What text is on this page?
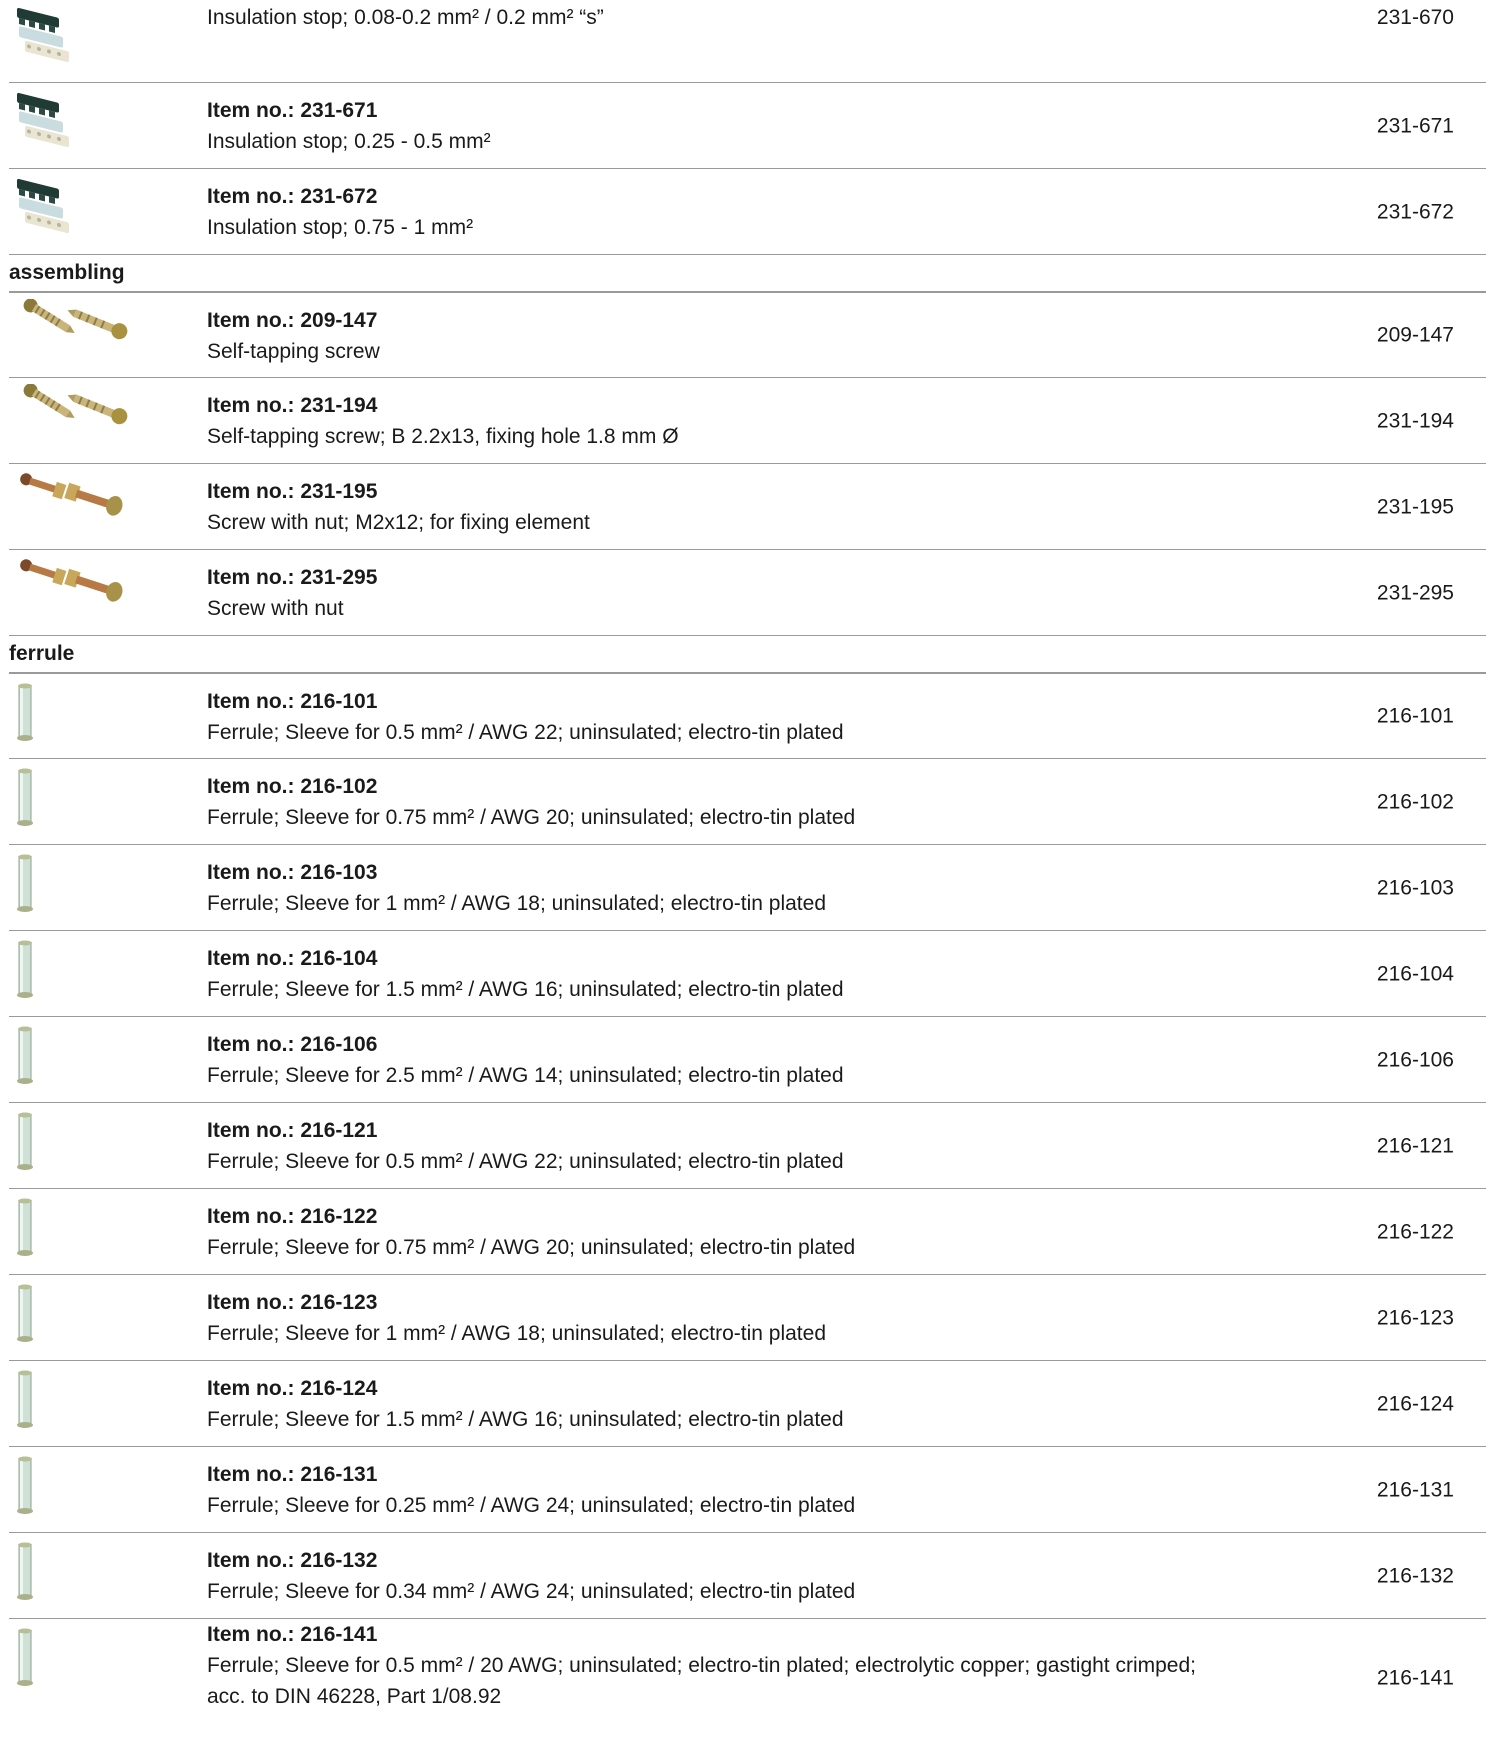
Insulation stop; 0.08-0.2 mm² / 0.2 mm² “s”	231-670
Item no.: 231-671
Insulation stop; 0.25 - 0.5 mm²
231-671
Item no.: 231-672
Insulation stop; 0.75 - 1 mm²
231-672
assembling
Item no.: 209-147
Self-tapping screw
209-147
Item no.: 231-194
Self-tapping screw; B 2.2x13, fixing hole 1.8 mm Ø
231-194
Item no.: 231-195
Screw with nut; M2x12; for fixing element
231-195
Item no.: 231-295
Screw with nut
231-295
ferrule
Item no.: 216-101
Ferrule; Sleeve for 0.5 mm² / AWG 22; uninsulated; electro-tin plated
216-101
Item no.: 216-102
Ferrule; Sleeve for 0.75 mm² / AWG 20; uninsulated; electro-tin plated
216-102
Item no.: 216-103
Ferrule; Sleeve for 1 mm² / AWG 18; uninsulated; electro-tin plated
216-103
Item no.: 216-104
Ferrule; Sleeve for 1.5 mm² / AWG 16; uninsulated; electro-tin plated
216-104
Item no.: 216-106
Ferrule; Sleeve for 2.5 mm² / AWG 14; uninsulated; electro-tin plated
216-106
Item no.: 216-121
Ferrule; Sleeve for 0.5 mm² / AWG 22; uninsulated; electro-tin plated
216-121
Item no.: 216-122
Ferrule; Sleeve for 0.75 mm² / AWG 20; uninsulated; electro-tin plated
216-122
Item no.: 216-123
Ferrule; Sleeve for 1 mm² / AWG 18; uninsulated; electro-tin plated
216-123
Item no.: 216-124
Ferrule; Sleeve for 1.5 mm² / AWG 16; uninsulated; electro-tin plated
216-124
Item no.: 216-131
Ferrule; Sleeve for 0.25 mm² / AWG 24; uninsulated; electro-tin plated
216-131
Item no.: 216-132
Ferrule; Sleeve for 0.34 mm² / AWG 24; uninsulated; electro-tin plated
216-132
Item no.: 216-141
Ferrule; Sleeve for 0.5 mm² / 20 AWG; uninsulated; electro-tin plated; electrolytic copper; gastight crimped; acc. to DIN 46228, Part 1/08.92
216-141
